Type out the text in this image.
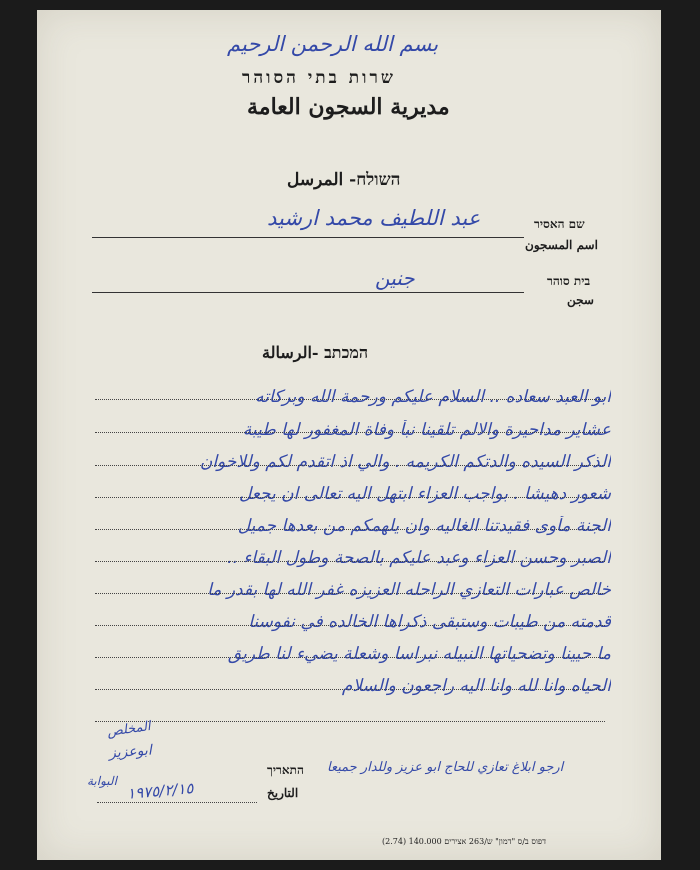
بسم الله الرحمن الرحيم
שרות בתי הסוהר
مديرية السجون العامة
השולח- المرسل
عبد اللطيف محمد ارشيد	שם האסיר
اسم المسجون
جنين	בית סוהר
سجن
המכתב -الرسالة
ابو العبد سعاده .. السلام عليكم ورحمة الله وبركاته
عشاير مداحيرة والالم تلقينا نبأ وفاة المغفور لها طيبة
الذكر السيده والدتكم الكريمه . والي اذ اتقدم لكم وللاخوان
شعور دهيشا . بواجب العزاء ابتهل اليه تعالى ان يجعل
الجنة مأوى فقيدتنا الغاليه وان يلهمكم من بعدها جميل
الصبر وحسن العزاء وعبد عليكم بالصحة وطول البقاء ..
خالص عبارات التعازي الراحله العزيزه غفر الله لها بقدر ما
قدمته من طيبات وستبقى ذكراها الخالده في نفوسنا
ما حيينا وتضحياتها النبيله نبراسا وشعلة يضيء لنا طريق
الحياه وانا لله وانا اليه راجعون والسلام
المخلص
ابوعزيز
ارجو ابلاغ تعازي للحاج ابو عزيز وللدار جميعا
התאריך
التاريخ
١٩٧٥/٢/١٥
البوابة
דפוס ב/ס "דמון" ש/263 אצירים 140.000 (2.74)
